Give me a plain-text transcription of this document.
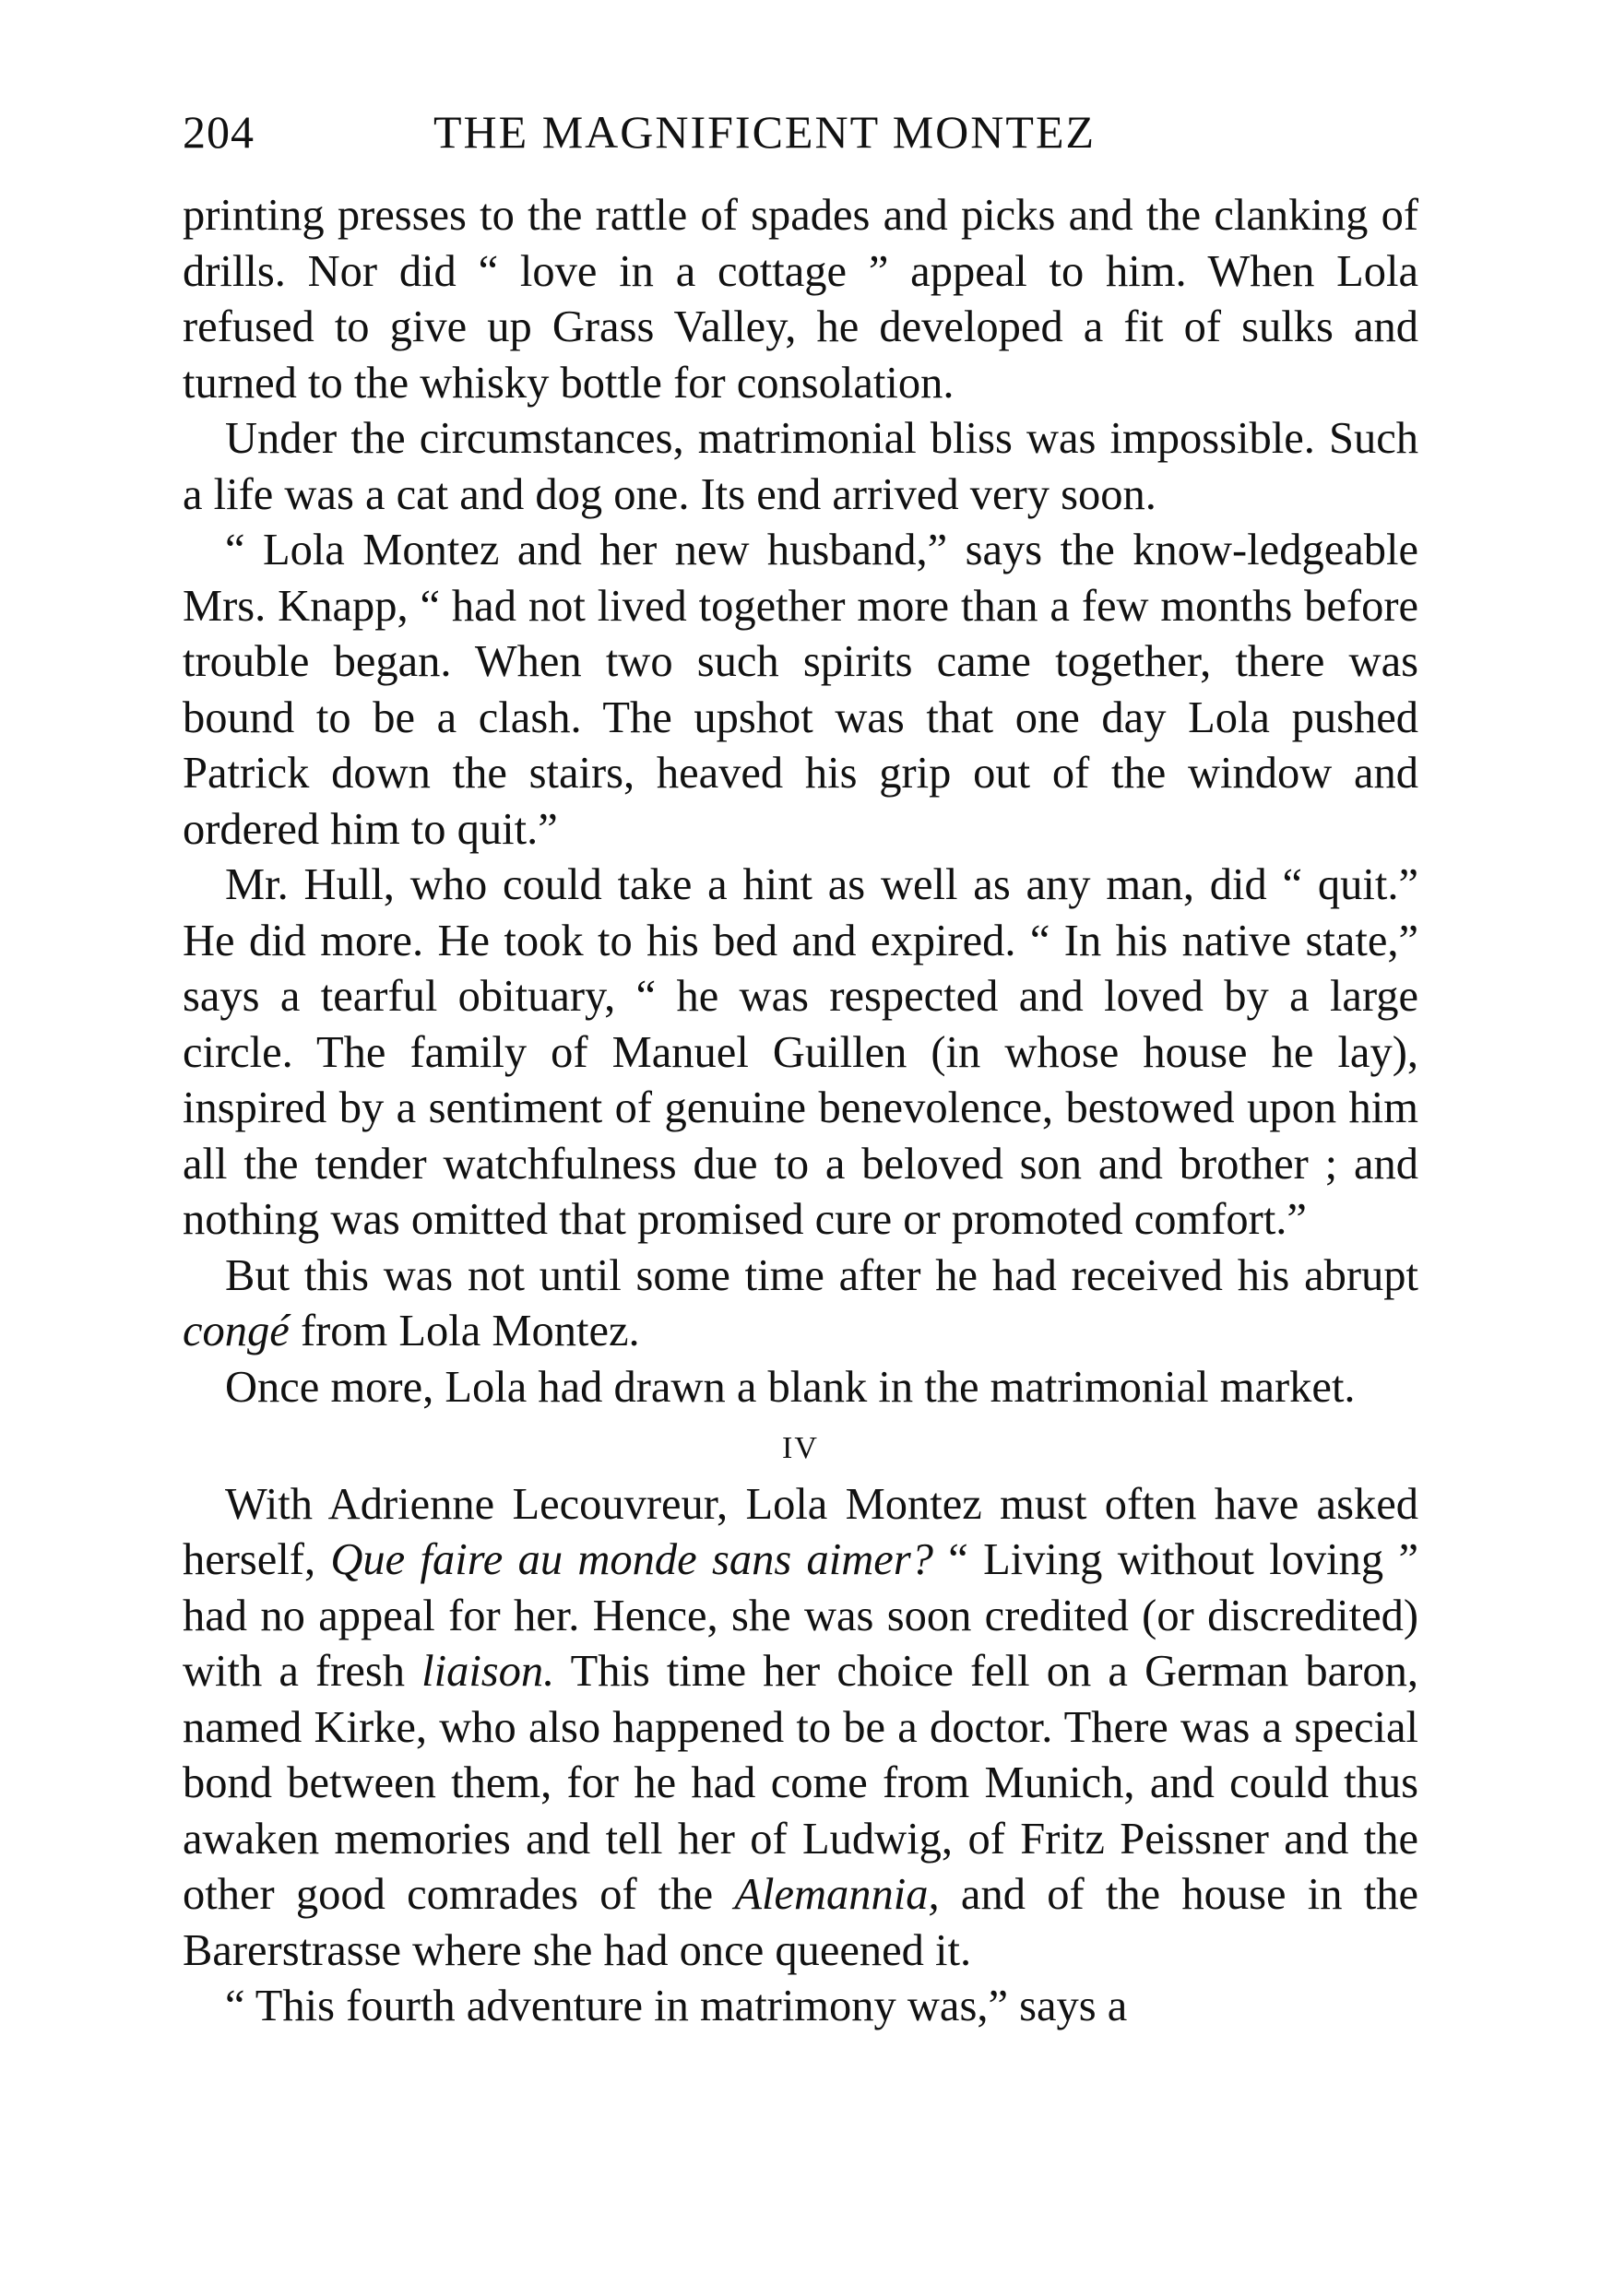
204	THE MAGNIFICENT MONTEZ

printing presses to the rattle of spades and picks and the clanking of drills. Nor did “ love in a cottage ” appeal to him. When Lola refused to give up Grass Valley, he developed a fit of sulks and turned to the whisky bottle for consolation.

Under the circumstances, matrimonial bliss was impossible. Such a life was a cat and dog one. Its end arrived very soon.

“ Lola Montez and her new husband,” says the know-ledgeable Mrs. Knapp, “ had not lived together more than a few months before trouble began. When two such spirits came together, there was bound to be a clash. The upshot was that one day Lola pushed Patrick down the stairs, heaved his grip out of the window and ordered him to quit.”

Mr. Hull, who could take a hint as well as any man, did “ quit.” He did more. He took to his bed and expired. “ In his native state,” says a tearful obituary, “ he was respected and loved by a large circle. The family of Manuel Guillen (in whose house he lay), inspired by a sentiment of genuine benevolence, bestowed upon him all the tender watchfulness due to a beloved son and brother ; and nothing was omitted that promised cure or promoted comfort.”

But this was not until some time after he had received his abrupt congé from Lola Montez.

Once more, Lola had drawn a blank in the matrimonial market.

IV

With Adrienne Lecouvreur, Lola Montez must often have asked herself, Que faire au monde sans aimer? “ Living without loving ” had no appeal for her. Hence, she was soon credited (or discredited) with a fresh liaison. This time her choice fell on a German baron, named Kirke, who also happened to be a doctor. There was a special bond between them, for he had come from Munich, and could thus awaken memories and tell her of Ludwig, of Fritz Peissner and the other good comrades of the Alemannia, and of the house in the Barerstrasse where she had once queened it.

“ This fourth adventure in matrimony was,” says a
